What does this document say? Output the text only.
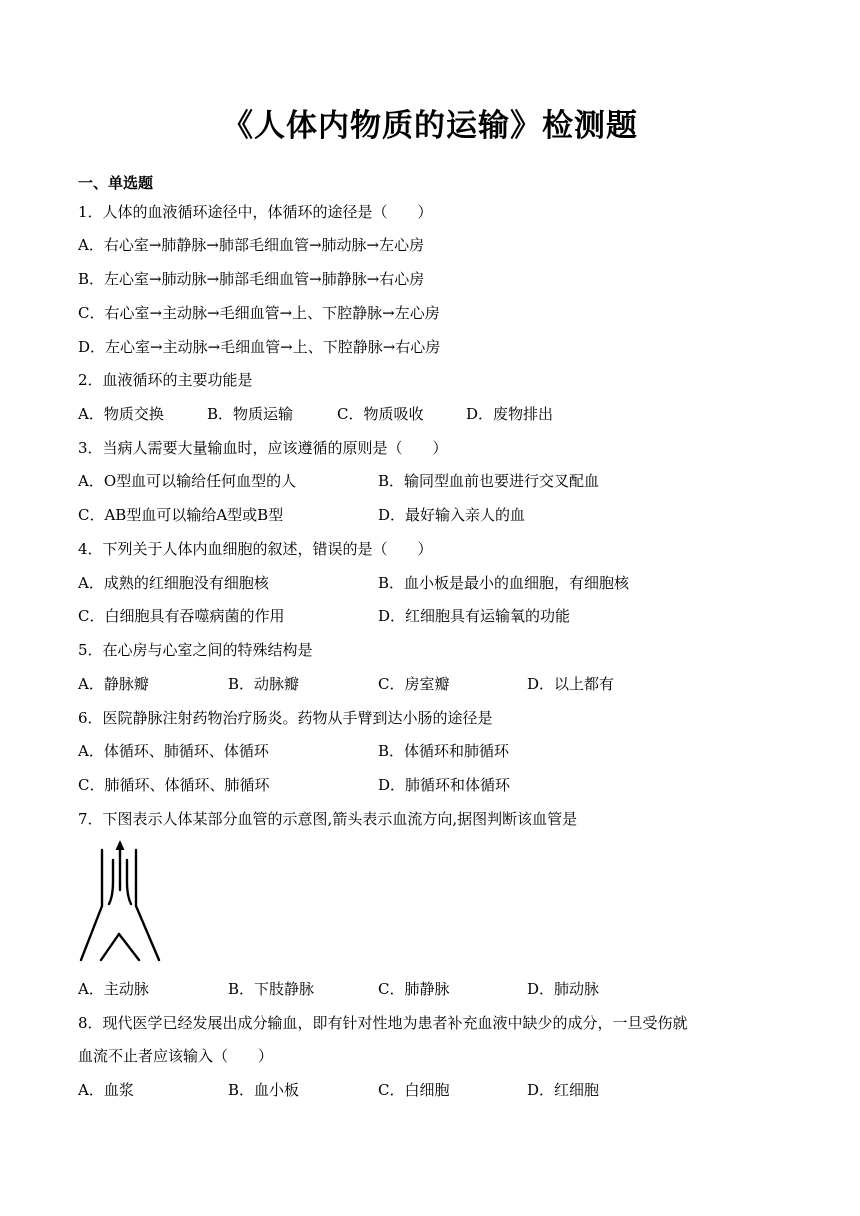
《人体内物质的运输》检测题
一、单选题
1．人体的血液循环途径中，体循环的途径是（　　）
A．右心室→肺静脉→肺部毛细血管→肺动脉→左心房
B．左心室→肺动脉→肺部毛细血管→肺静脉→右心房
C．右心室→主动脉→毛细血管→上、下腔静脉→左心房
D．左心室→主动脉→毛细血管→上、下腔静脉→右心房
2．血液循环的主要功能是
A．物质交换	B．物质运输	C．物质吸收	D．废物排出
3．当病人需要大量输血时，应该遵循的原则是（　　）
A．O型血可以输给任何血型的人	B．输同型血前也要进行交叉配血
C．AB型血可以输给A型或B型	D．最好输入亲人的血
4．下列关于人体内血细胞的叙述，错误的是（　　）
A．成熟的红细胞没有细胞核	B．血小板是最小的血细胞，有细胞核
C．白细胞具有吞噬病菌的作用	D．红细胞具有运输氧的功能
5．在心房与心室之间的特殊结构是
A．静脉瓣	B．动脉瓣	C．房室瓣	D．以上都有
6．医院静脉注射药物治疗肠炎。药物从手臂到达小肠的途径是
A．体循环、肺循环、体循环	B．体循环和肺循环
C．肺循环、体循环、肺循环	D．肺循环和体循环
7．下图表示人体某部分血管的示意图,箭头表示血流方向,据图判断该血管是
A．主动脉	B．下肢静脉	C．肺静脉	D．肺动脉
8．现代医学已经发展出成分输血，即有针对性地为患者补充血液中缺少的成分，一旦受伤就
血流不止者应该输入（　　）
A．血浆	B．血小板	C．白细胞	D．红细胞
